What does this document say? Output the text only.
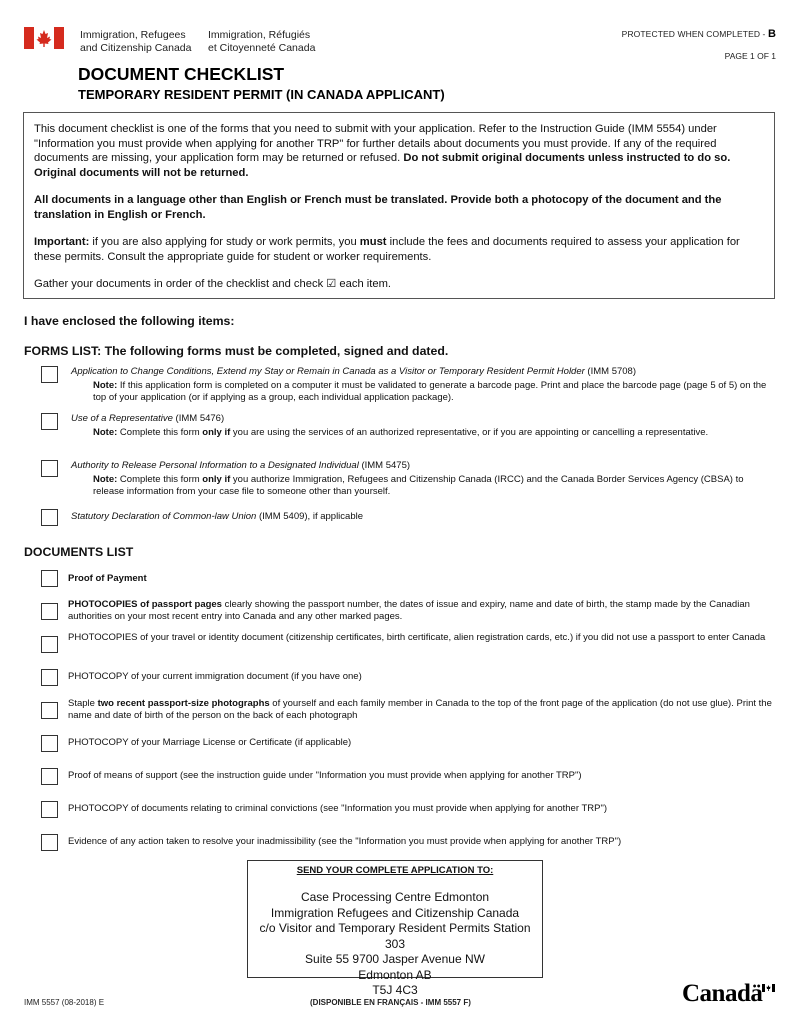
Immigration, Refugees
and Citizenship Canada
Immigration, Réfugiés
et Citoyenneté Canada
PROTECTED WHEN COMPLETED - B
PAGE 1 OF 1
DOCUMENT CHECKLIST
TEMPORARY RESIDENT PERMIT (IN CANADA APPLICANT)

This document checklist is one of the forms that you need to submit with your application. Refer to the Instruction Guide (IMM 5554) under "Information you must provide when applying for another TRP" for further details about documents you must provide. If any of the required documents are missing, your application form may be returned or refused. Do not submit original documents unless instructed to do so. Original documents will not be returned.

All documents in a language other than English or French must be translated. Provide both a photocopy of the document and the translation in English or French.

Important: if you are also applying for study or work permits, you must include the fees and documents required to assess your application for these permits. Consult the appropriate guide for student or worker requirements.

Gather your documents in order of the checklist and check ☑ each item.

I have enclosed the following items:
FORMS LIST: The following forms must be completed, signed and dated.
Application to Change Conditions, Extend my Stay or Remain in Canada as a Visitor or Temporary Resident Permit Holder (IMM 5708)
Note: If this application form is completed on a computer it must be validated to generate a barcode page. Print and place the barcode page (page 5 of 5) on the top of your application (or if applying as a group, each individual application package).
Use of a Representative (IMM 5476)
Note: Complete this form only if you are using the services of an authorized representative, or if you are appointing or cancelling a representative.
Authority to Release Personal Information to a Designated Individual (IMM 5475)
Note: Complete this form only if you authorize Immigration, Refugees and Citizenship Canada (IRCC) and the Canada Border Services Agency (CBSA) to release information from your case file to someone other than yourself.
Statutory Declaration of Common-law Union (IMM 5409), if applicable
DOCUMENTS LIST
Proof of Payment
PHOTOCOPIES of passport pages clearly showing the passport number, the dates of issue and expiry, name and date of birth, the stamp made by the Canadian authorities on your most recent entry into Canada and any other marked pages.
PHOTOCOPIES of your travel or identity document (citizenship certificates, birth certificate, alien registration cards, etc.) if you did not use a passport to enter Canada
PHOTOCOPY of your current immigration document (if you have one)
Staple two recent passport-size photographs of yourself and each family member in Canada to the top of the front page of the application (do not use glue). Print the name and date of birth of the person on the back of each photograph
PHOTOCOPY of your Marriage License or Certificate (if applicable)
Proof of means of support (see the instruction guide under "Information you must provide when applying for another TRP")
PHOTOCOPY of documents relating to criminal convictions (see "Information you must provide when applying for another TRP")
Evidence of any action taken to resolve your inadmissibility (see the "Information you must provide when applying for another TRP")
SEND YOUR COMPLETE APPLICATION TO:
Case Processing Centre Edmonton
Immigration Refugees and Citizenship Canada
c/o Visitor and Temporary Resident Permits Station 303
Suite 55 9700 Jasper Avenue NW
Edmonton AB
T5J 4C3
IMM 5557 (08-2018) E	(DISPONIBLE EN FRANÇAIS - IMM 5557 F)	Canadä
